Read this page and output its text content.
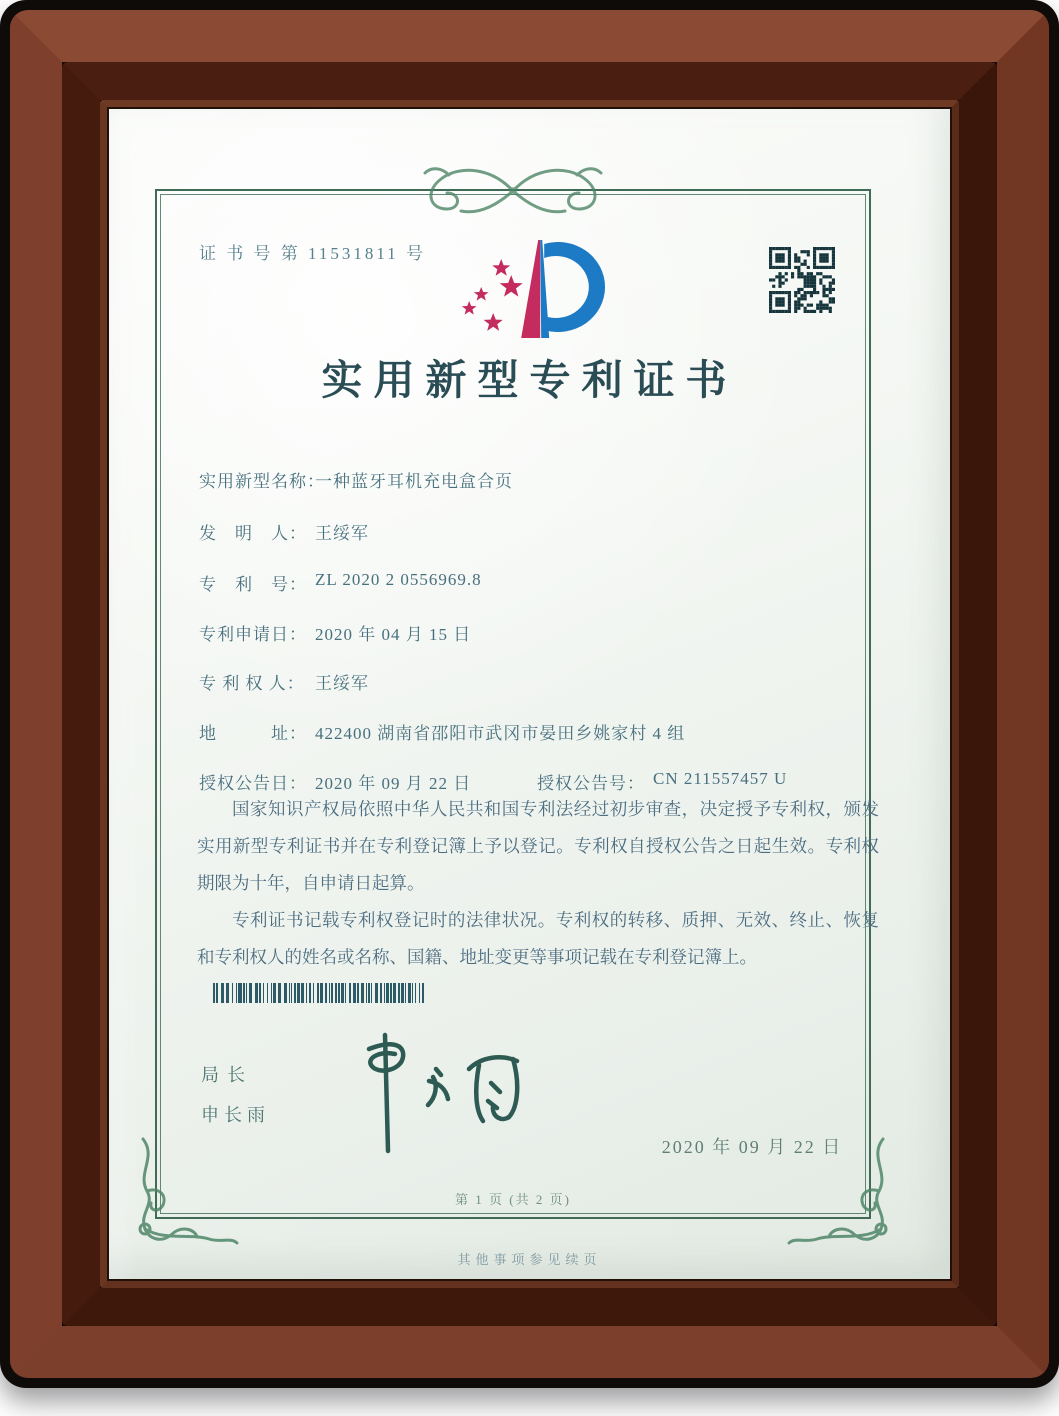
证 书 号 第 11531811 号
实用新型专利证书
实用新型名称：
一种蓝牙耳机充电盒合页
发　明　人： 王绥军
专　利　号： ZL 2020 2 0556969.8
专利申请日： 2020 年 04 月 15 日
专 利 权 人： 王绥军
地　　　址： 422400 湖南省邵阳市武冈市晏田乡姚家村 4 组
授权公告日： 2020 年 09 月 22 日	授权公告号： CN 211557457 U

国家知识产权局依照中华人民共和国专利法经过初步审查，决定授予专利权，颁发实用新型专利证书并在专利登记簿上予以登记。专利权自授权公告之日起生效。专利权期限为十年，自申请日起算。

专利证书记载专利权登记时的法律状况。专利权的转移、质押、无效、终止、恢复和专利权人的姓名或名称、国籍、地址变更等事项记载在专利登记簿上。

局长
申长雨
2020 年 09 月 22 日
第 1 页 (共 2 页)
其他事项参见续页
